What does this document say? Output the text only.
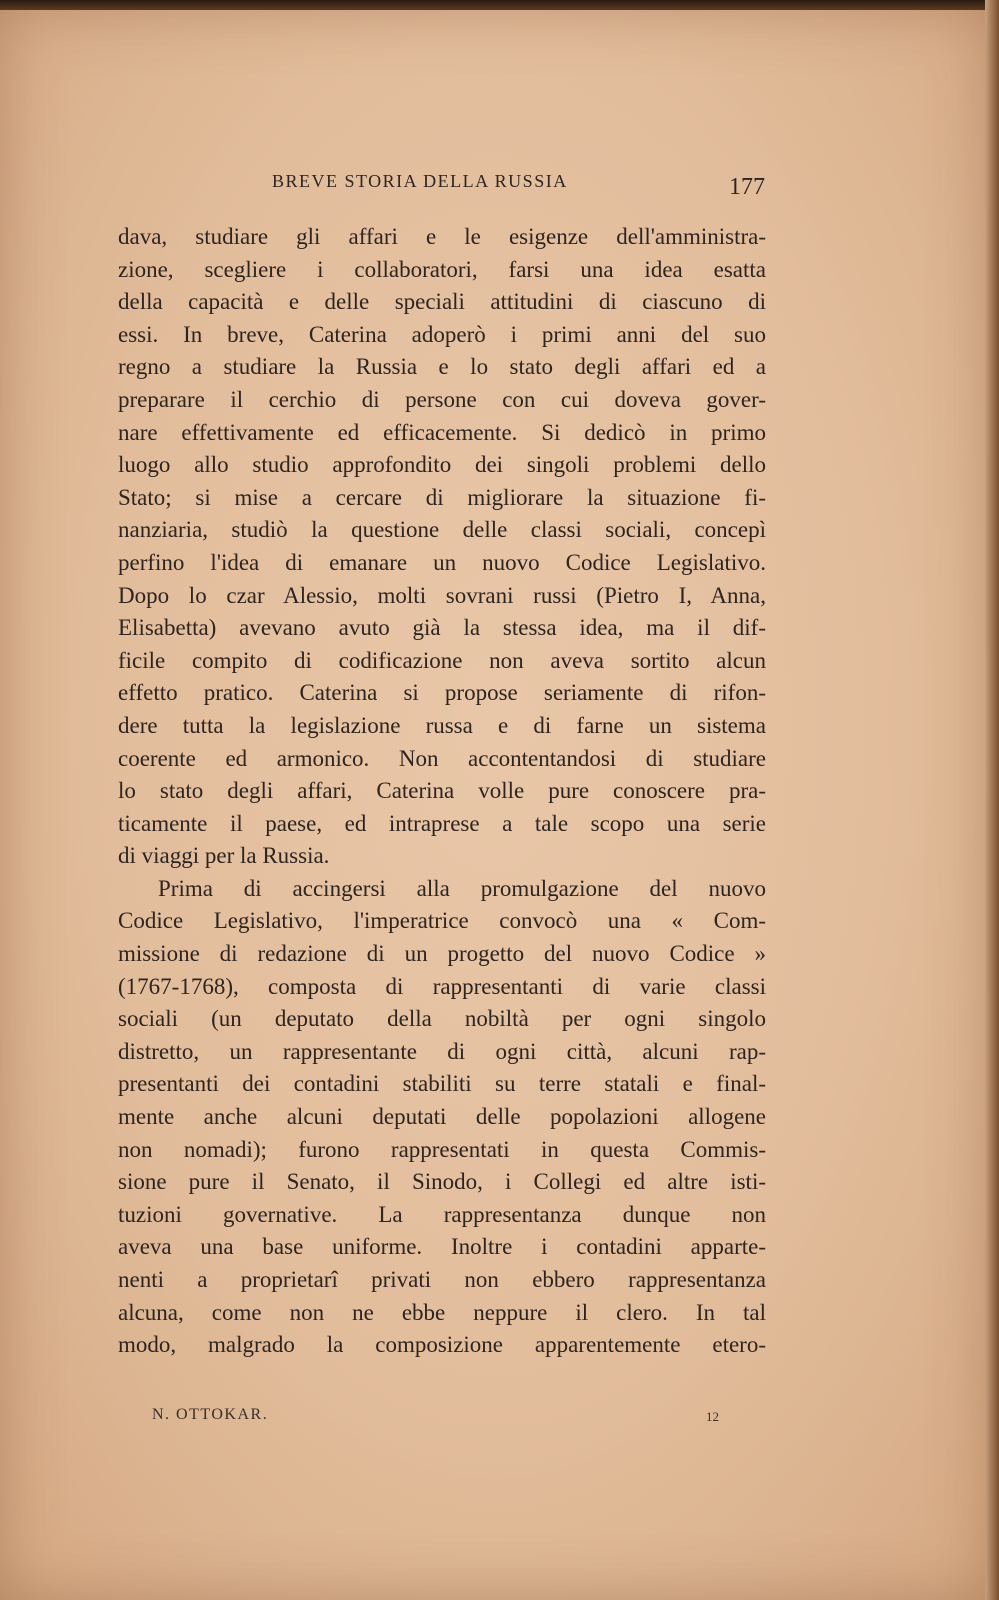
BREVE STORIA DELLA RUSSIA	177
dava, studiare gli affari e le esigenze dell'amministra-
zione, scegliere i collaboratori, farsi una idea esatta
della capacità e delle speciali attitudini di ciascuno di
essi. In breve, Caterina adoperò i primi anni del suo
regno a studiare la Russia e lo stato degli affari ed a
preparare il cerchio di persone con cui doveva gover-
nare effettivamente ed efficacemente. Si dedicò in primo
luogo allo studio approfondito dei singoli problemi dello
Stato; si mise a cercare di migliorare la situazione fi-
nanziaria, studiò la questione delle classi sociali, concepì
perfino l'idea di emanare un nuovo Codice Legislativo.
Dopo lo czar Alessio, molti sovrani russi (Pietro I, Anna,
Elisabetta) avevano avuto già la stessa idea, ma il dif-
ficile compito di codificazione non aveva sortito alcun
effetto pratico. Caterina si propose seriamente di rifon-
dere tutta la legislazione russa e di farne un sistema
coerente ed armonico. Non accontentandosi di studiare
lo stato degli affari, Caterina volle pure conoscere pra-
ticamente il paese, ed intraprese a tale scopo una serie
di viaggi per la Russia.
Prima di accingersi alla promulgazione del nuovo
Codice Legislativo, l'imperatrice convocò una « Com-
missione di redazione di un progetto del nuovo Codice »
(1767-1768), composta di rappresentanti di varie classi
sociali (un deputato della nobiltà per ogni singolo
distretto, un rappresentante di ogni città, alcuni rap-
presentanti dei contadini stabiliti su terre statali e final-
mente anche alcuni deputati delle popolazioni allogene
non nomadi); furono rappresentati in questa Commis-
sione pure il Senato, il Sinodo, i Collegi ed altre isti-
tuzioni governative. La rappresentanza dunque non
aveva una base uniforme. Inoltre i contadini apparte-
nenti a proprietarî privati non ebbero rappresentanza
alcuna, come non ne ebbe neppure il clero. In tal
modo, malgrado la composizione apparentemente etero-
N. OTTOKAR.	12
